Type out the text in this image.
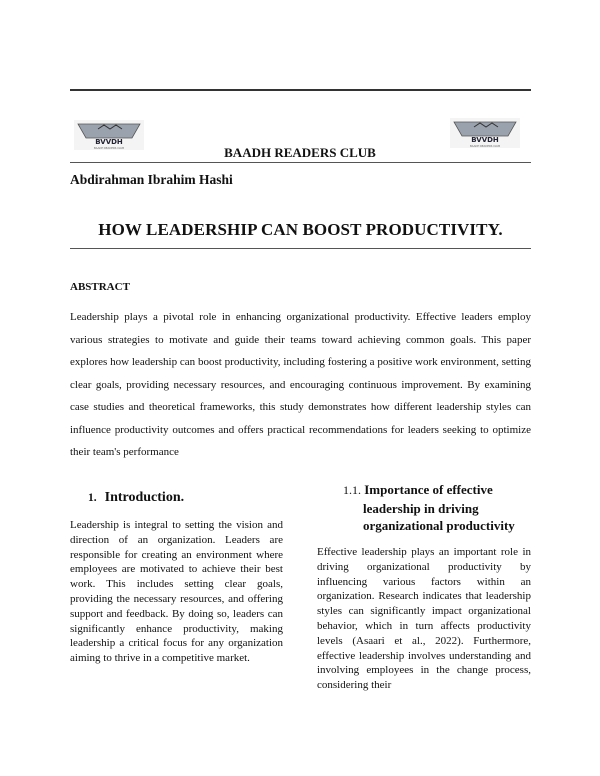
BVVDH
BAADH READERS CLUB
BVVDH
BAADH READERS CLUB
BAADH READERS CLUB
Abdirahman Ibrahim Hashi
HOW LEADERSHIP CAN BOOST PRODUCTIVITY.
ABSTRACT
Leadership plays a pivotal role in enhancing organizational productivity. Effective leaders employ various strategies to motivate and guide their teams toward achieving common goals. This paper explores how leadership can boost productivity, including fostering a positive work environment, setting clear goals, providing necessary resources, and encouraging continuous improvement. By examining case studies and theoretical frameworks, this study demonstrates how different leadership styles can influence productivity outcomes and offers practical recommendations for leaders seeking to optimize their team's performance
1. Introduction.
Leadership is integral to setting the vision and direction of an organization. Leaders are responsible for creating an environment where employees are motivated to achieve their best work. This includes setting clear goals, providing the necessary resources, and offering support and feedback. By doing so, leaders can significantly enhance productivity, making leadership a critical focus for any organization aiming to thrive in a competitive market.
1.1. Importance of effective
leadership in driving organizational productivity
Effective leadership plays an important role in driving organizational productivity by influencing various factors within an organization. Research indicates that leadership styles can significantly impact organizational behavior, which in turn affects productivity levels (Asaari et al., 2022). Furthermore, effective leadership involves understanding and involving employees in the change process, considering their
